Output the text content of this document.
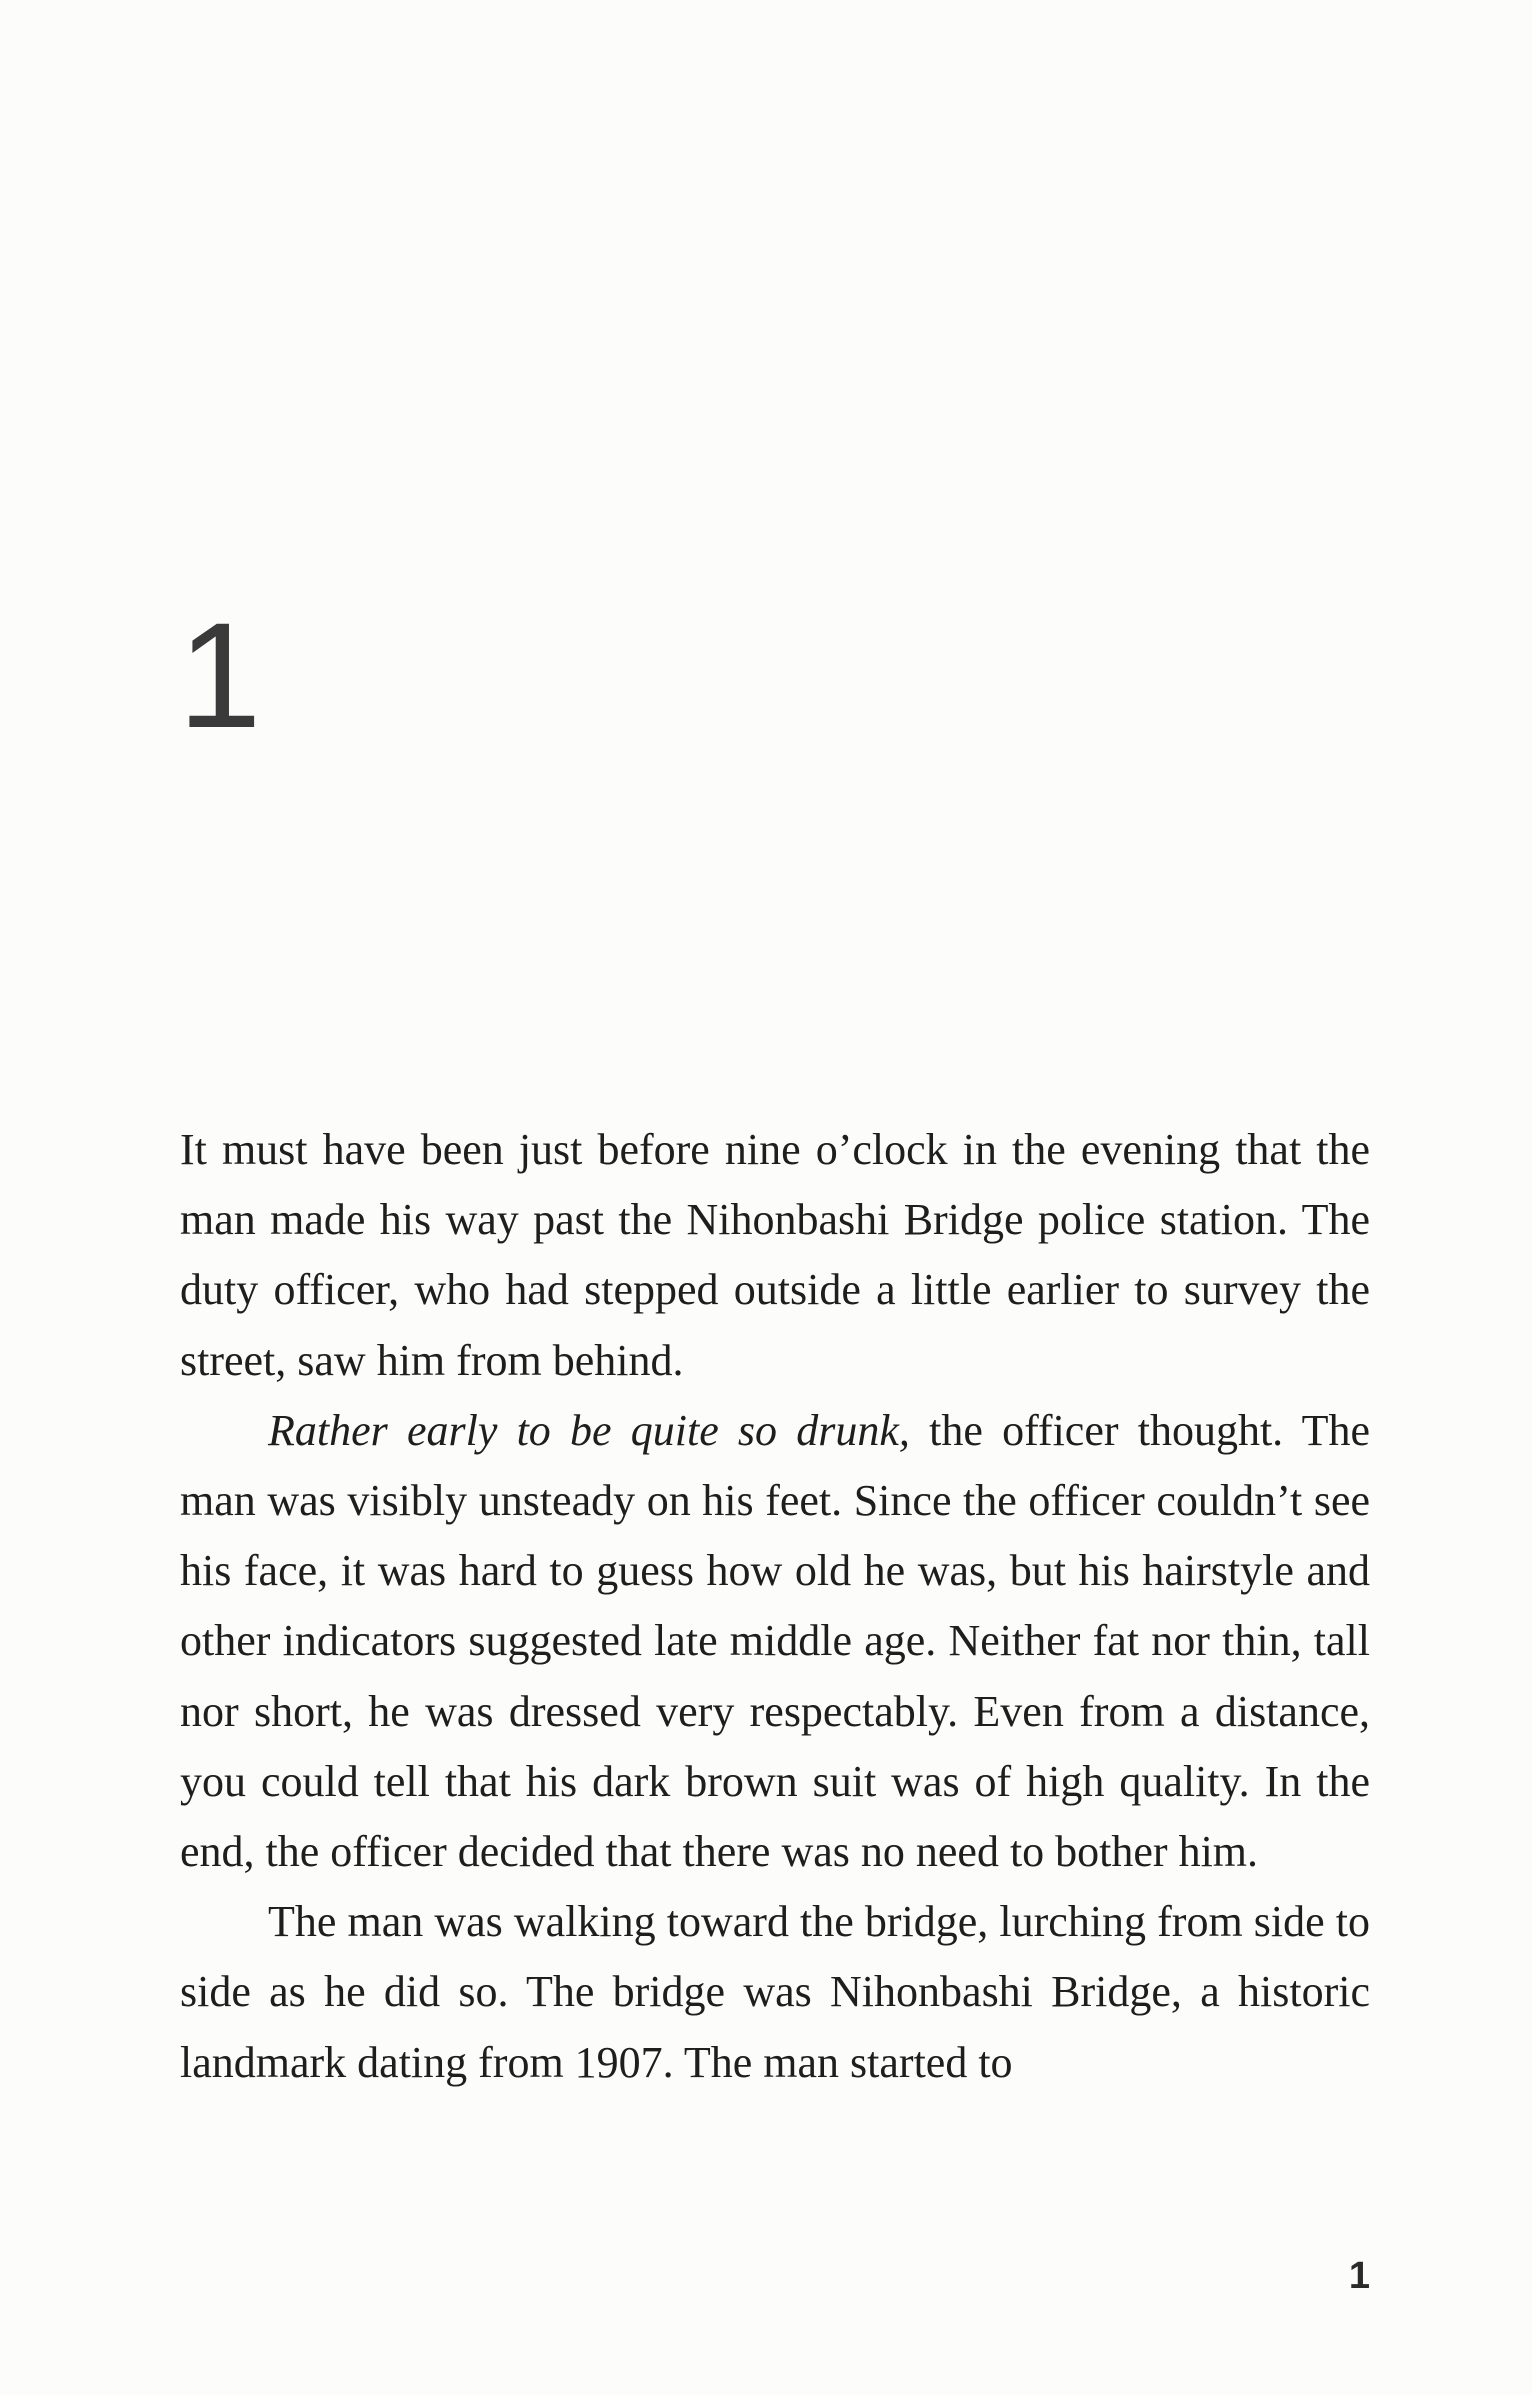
1

It must have been just before nine o’clock in the evening that the man made his way past the Nihonbashi Bridge police station. The duty officer, who had stepped outside a little earlier to survey the street, saw him from behind.

Rather early to be quite so drunk, the officer thought. The man was visibly unsteady on his feet. Since the officer couldn’t see his face, it was hard to guess how old he was, but his hairstyle and other indicators suggested late middle age. Neither fat nor thin, tall nor short, he was dressed very respectably. Even from a distance, you could tell that his dark brown suit was of high quality. In the end, the officer decided that there was no need to bother him.

The man was walking toward the bridge, lurching from side to side as he did so. The bridge was Nihonbashi Bridge, a historic landmark dating from 1907. The man started to

1
